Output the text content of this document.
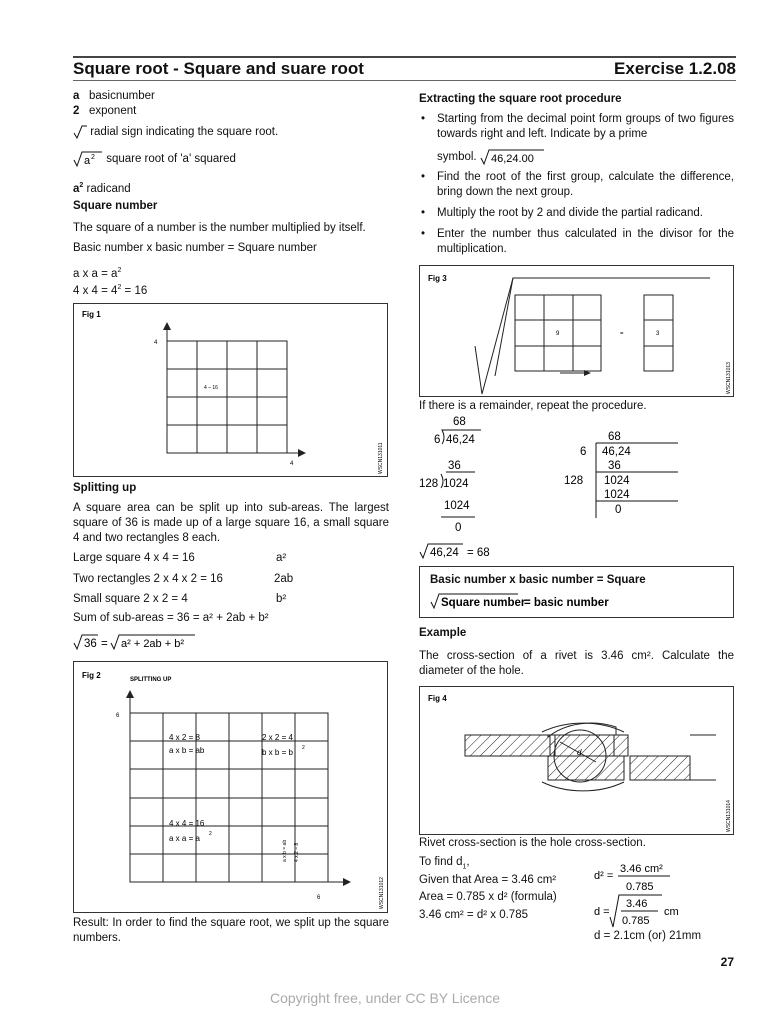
Square root - Square and suare root	Exercise 1.2.08
a basicnumber
2 exponent
radial sign indicating the square root.
a 2 square root of 'a' squared
$a^2$ radicand
Square number
The square of a number is the number multiplied by itself.
Basic number x basic number = Square number
a x $a = a^2$
4 x $4 = 4^2 = 16$
Fig 1
4
4
4 – 16
WSCN131011
Splitting up
A square area can be split up into sub-areas. The largest square of 36 is made up of a large square 16, a small square 4 and two rectangles 8 each.
Large square 4 x 4 = 16	a²
Two rectangles 2 x 4 x 2 = 16	2ab
Small square 2 x 2 = 4	b²
Sum of sub-areas = 36 = a² + 2ab + b²
36 = a² + 2ab + b²
Fig 2	SPLITTING UP
6
6
4 x 2 = 8
a x b = ab
2 x 2 = 4
b x b = b 2
4 x 4 = 16
a x a = a 2
a x b = ab 4 x 2 = 8
WSCN131012
Result: In order to find the square root, we split up the square numbers.
Extracting the square root procedure
• Starting from the decimal point form groups of two figures towards right and left. Indicate by a prime
symbol. 46,24.00
• Find the root of the first group, calculate the difference, bring down the next group.
• Multiply the root by 2 and divide the partial radicand.
• Enter the number thus calculated in the divisor for the multiplication.
Fig 3
9	=	3
WSCN131013
If there is a remainder, repeat the procedure.
68
6 46,24
36
128 1024
1024
0
68
6 46,24
36
128 1024
1024
0
46,24 = 68
Basic number x basic number = Square
Square number
= basic number
Example
The cross-section of a rivet is 3.46 cm². Calculate the diameter of the hole.
Fig 4
d
WSCN131014
Rivet cross-section is the hole cross-section.
To find $d_1$,
Given that Area = 3.46 cm²
Area = 0.785 x d² (formula)
3.46 cm² = d² x 0.785
d² =
3.46 cm²
0.785
d =
3.46
0.785
cm
d = 2.1cm (or) 21mm
27
Copyright free, under CC BY Licence
